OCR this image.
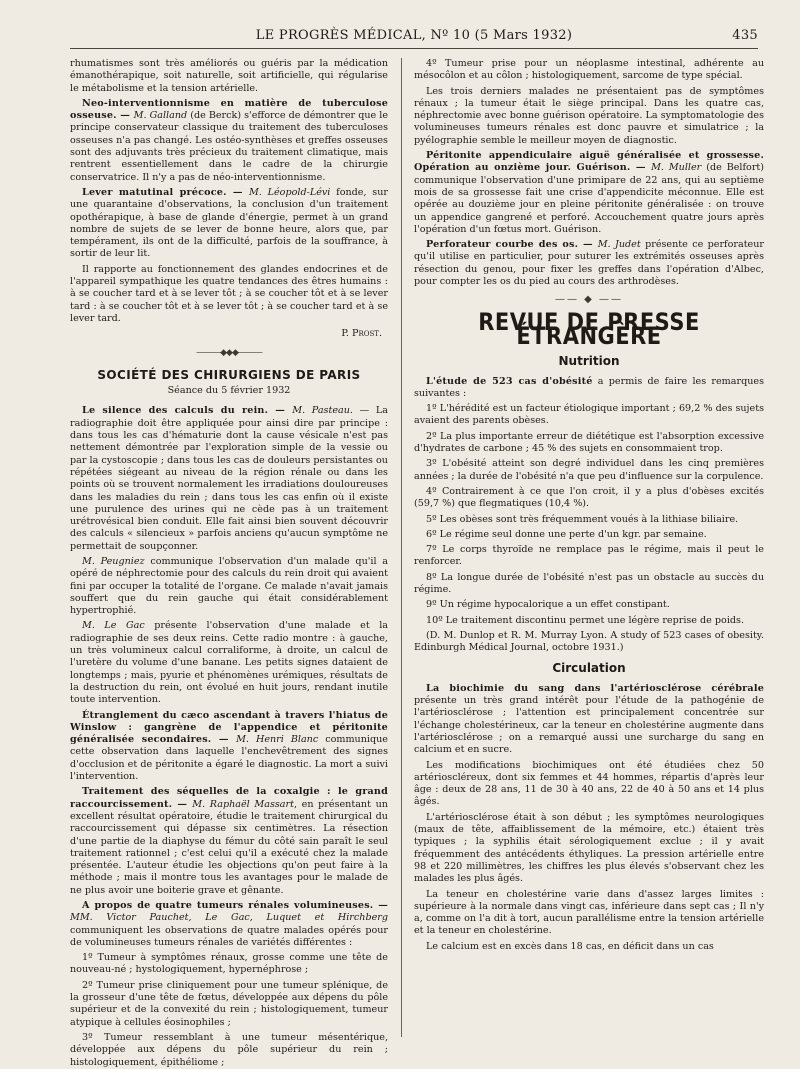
LE PROGRÈS MÉDICAL, Nº 10 (5 Mars 1932)	435

rhumatismes sont très améliorés ou guéris par la médication émanothérapique, soit naturelle, soit artificielle, qui régularise le métabolisme et la tension artérielle.

Neo-interventionnisme en matière de tuberculose osseuse. — M. Galland (de Berck) s'efforce de démontrer que le principe conservateur classique du traitement des tuberculoses osseuses n'a pas changé. Les ostéo-synthèses et greffes osseuses sont des adjuvants très précieux du traitement climatique, mais rentrent essentiellement dans le cadre de la chirurgie conservatrice. Il n'y a pas de néo-interventionnisme.

Lever matutinal précoce. — M. Léopold-Lévi fonde, sur une quarantaine d'observations, la conclusion d'un traitement opothérapique, à base de glande d'énergie, permet à un grand nombre de sujets de se lever de bonne heure, alors que, par tempérament, ils ont de la difficulté, parfois de la souffrance, à sortir de leur lit.

Il rapporte au fonctionnement des glandes endocrines et de l'appareil sympathique les quatre tendances des êtres humains : à se coucher tard et à se lever tôt ; à se coucher tôt et à se lever tard : à se coucher tôt et à se lever tôt ; à se coucher tard et à se lever tard.

P. Prost.
———◆◆◆———
SOCIÉTÉ DES CHIRURGIENS DE PARIS
Séance du 5 février 1932

Le silence des calculs du rein. — M. Pasteau. — La radiographie doit être appliquée pour ainsi dire par principe : dans tous les cas d'hématurie dont la cause vésicale n'est pas nettement démontrée par l'exploration simple de la vessie ou par la cystoscopie ; dans tous les cas de douleurs persistantes ou répétées siégeant au niveau de la région rénale ou dans les points où se trouvent normalement les irradiations douloureuses dans les maladies du rein ; dans tous les cas enfin où il existe une purulence des urines qui ne cède pas à un traitement urétrovésical bien conduit. Elle fait ainsi bien souvent découvrir des calculs « silencieux » parfois anciens qu'aucun symptôme ne permettait de soupçonner.

M. Peugniez communique l'observation d'un malade qu'il a opéré de néphrectomie pour des calculs du rein droit qui avaient fini par occuper la totalité de l'organe. Ce malade n'avait jamais souffert que du rein gauche qui était considérablement hypertrophié.

M. Le Gac présente l'observation d'une malade et la radiographie de ses deux reins. Cette radio montre : à gauche, un très volumineux calcul corraliforme, à droite, un calcul de l'uretère du volume d'une banane. Les petits signes dataient de longtemps ; mais, pyurie et phénomènes urémiques, résultats de la destruction du rein, ont évolué en huit jours, rendant inutile toute intervention.

Étranglement du cæco ascendant à travers l'hiatus de Winslow : gangrène de l'appendice et péritonite généralisée secondaires. — M. Henri Blanc communique cette observation dans laquelle l'enchevêtrement des signes d'occlusion et de péritonite a égaré le diagnostic. La mort a suivi l'intervention.

Traitement des séquelles de la coxalgie : le grand raccourcissement. — M. Raphaël Massart, en présentant un excellent résultat opératoire, étudie le traitement chirurgical du raccourcissement qui dépasse six centimètres. La résection d'une partie de la diaphyse du fémur du côté sain paraît le seul traitement rationnel ; c'est celui qu'il a exécuté chez la malade présentée. L'auteur étudie les objections qu'on peut faire à la méthode ; mais il montre tous les avantages pour le malade de ne plus avoir une boiterie grave et gênante.

A propos de quatre tumeurs rénales volumineuses. — MM. Victor Pauchet, Le Gac, Luquet et Hirchberg communiquent les observations de quatre malades opérés pour de volumineuses tumeurs rénales de variétés différentes :

1º Tumeur à symptômes rénaux, grosse comme une tête de nouveau-né ; hystologiquement, hypernéphrose ;

2º Tumeur prise cliniquement pour une tumeur splénique, de la grosseur d'une tête de fœtus, développée aux dépens du pôle supérieur et de la convexité du rein ; histologiquement, tumeur atypique à cellules éosinophiles ;

3º Tumeur ressemblant à une tumeur mésentérique, développée aux dépens du pôle supérieur du rein ; histologiquement, épithéliome ;

4º Tumeur prise pour un néoplasme intestinal, adhérente au mésocôlon et au côlon ; histologiquement, sarcome de type spécial.

Les trois derniers malades ne présentaient pas de symptômes rénaux ; la tumeur était le siège principal. Dans les quatre cas, néphrectomie avec bonne guérison opératoire. La symptomatologie des volumineuses tumeurs rénales est donc pauvre et simulatrice ; la pyélographie semble le meilleur moyen de diagnostic.

Péritonite appendiculaire aiguë généralisée et grossesse. Opération au onzième jour. Guérison. — M. Muller (de Belfort) communique l'observation d'une primipare de 22 ans, qui au septième mois de sa grossesse fait une crise d'appendicite méconnue. Elle est opérée au douzième jour en pleine péritonite généralisée : on trouve un appendice gangrené et perforé. Accouchement quatre jours après l'opération d'un fœtus mort. Guérison.

Perforateur courbe des os. — M. Judet présente ce perforateur qu'il utilise en particulier, pour suturer les extrémités osseuses après résection du genou, pour fixer les greffes dans l'opération d'Albec, pour compter les os du pied au cours des arthrodèses.

—— ◆ ——
REVUE DE PRESSE ÉTRANGÈRE
Nutrition

L'étude de 523 cas d'obésité a permis de faire les remarques suivantes :

1º L'hérédité est un facteur étiologique important ; 69,2 % des sujets avaient des parents obèses.

2º La plus importante erreur de diététique est l'absorption excessive d'hydrates de carbone ; 45 % des sujets en consommaient trop.

3º L'obésité atteint son degré individuel dans les cinq premières années ; la durée de l'obésité n'a que peu d'influence sur la corpulence.

4º Contrairement à ce que l'on croit, il y a plus d'obèses excités (59,7 %) que flegmatiques (10,4 %).

5º Les obèses sont très fréquemment voués à la lithiase biliaire.

6º Le régime seul donne une perte d'un kgr. par semaine.

7º Le corps thyroïde ne remplace pas le régime, mais il peut le renforcer.

8º La longue durée de l'obésité n'est pas un obstacle au succès du régime.

9º Un régime hypocalorique a un effet constipant.

10º Le traitement discontinu permet une légère reprise de poids.

(D. M. Dunlop et R. M. Murray Lyon. A study of 523 cases of obesity. Edinburgh Médical Journal, octobre 1931.)

Circulation

La biochimie du sang dans l'artériosclérose cérébrale présente un très grand intérêt pour l'étude de la pathogénie de l'artériosclérose ; l'attention est principalement concentrée sur l'échange cholestérineux, car la teneur en cholestérine augmente dans l'artériosclérose ; on a remarqué aussi une surcharge du sang en calcium et en sucre.

Les modifications biochimiques ont été étudiées chez 50 artérioscléreux, dont six femmes et 44 hommes, répartis d'après leur âge : deux de 28 ans, 11 de 30 à 40 ans, 22 de 40 à 50 ans et 14 plus âgés.

L'artériosclérose était à son début ; les symptômes neurologiques (maux de tête, affaiblissement de la mémoire, etc.) étaient très typiques ; la syphilis était sérologiquement exclue ; il y avait fréquemment des antécédents éthyliques. La pression artérielle entre 98 et 220 millimètres, les chiffres les plus élevés s'observant chez les malades les plus âgés.

La teneur en cholestérine varie dans d'assez larges limites : supérieure à la normale dans vingt cas, inférieure dans sept cas ; Il n'y a, comme on l'a dit à tort, aucun parallélisme entre la tension artérielle et la teneur en cholestérine.

Le calcium est en excès dans 18 cas, en déficit dans un cas
